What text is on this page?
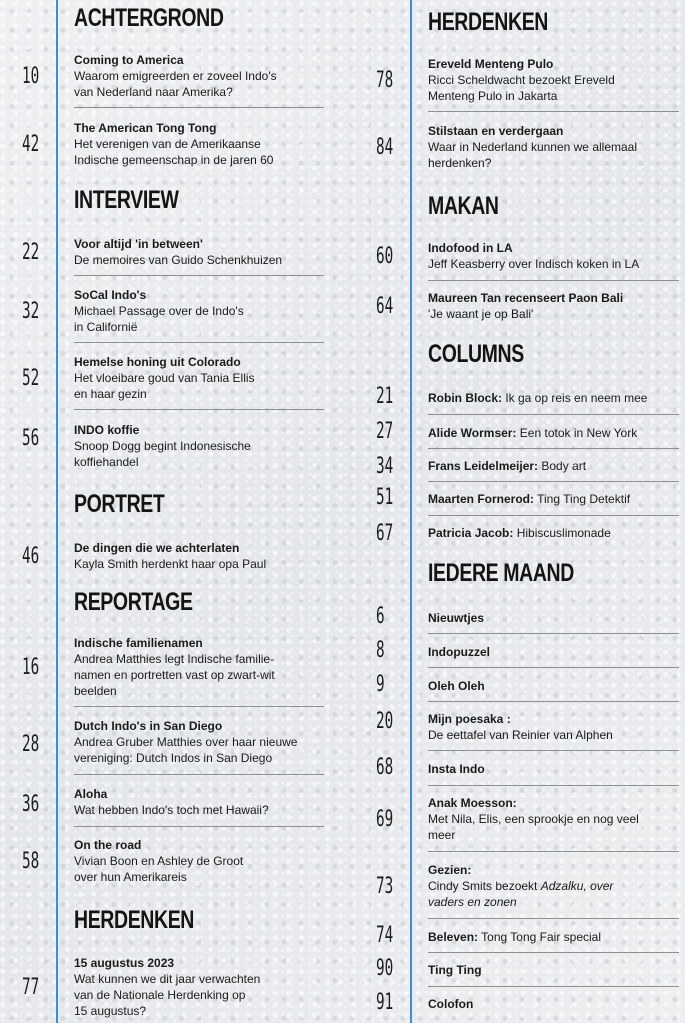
ACHTERGROND
10
Coming to America
Waarom emigreerden er zoveel Indo's
van Nederland naar Amerika?
42
The American Tong Tong
Het verenigen van de Amerikaanse
Indische gemeenschap in de jaren 60
INTERVIEW
22	Voor altijd 'in between'
De memoires van Guido Schenkhuizen
32
SoCal Indo's
Michael Passage over de Indo's
in Californië
52
Hemelse honing uit Colorado
Het vloeibare goud van Tania Ellis
en haar gezin
56	INDO koffie
Snoop Dogg begint Indonesische
koffiehandel
PORTRET
46	De dingen die we achterlaten
Kayla Smith herdenkt haar opa Paul
REPORTAGE
16
Indische familienamen
Andrea Matthies legt Indische familie-
namen en portretten vast op zwart-wit
beelden
28
Dutch Indo's in San Diego
Andrea Gruber Matthies over haar nieuwe
vereniging: Dutch Indos in San Diego
36	Aloha
Wat hebben Indo's toch met Hawaii?
58
On the road
Vivian Boon en Ashley de Groot
over hun Amerikareis
HERDENKEN
77
15 augustus 2023
Wat kunnen we dit jaar verwachten
van de Nationale Herdenking op
15 augustus?
HERDENKEN
78
Ereveld Menteng Pulo
Ricci Scheldwacht bezoekt Ereveld
Menteng Pulo in Jakarta
84
Stilstaan en verdergaan
Waar in Nederland kunnen we allemaal
herdenken?
MAKAN
60	Indofood in LA
Jeff Keasberry over Indisch koken in LA
64	Maureen Tan recenseert Paon Bali
'Je waant je op Bali'
COLUMNS
21	Robin Block: Ik ga op reis en neem mee
27	Alide Wormser: Een totok in New York
34	Frans Leidelmeijer: Body art
51	Maarten Fornerod: Ting Ting Detektif
67	Patricia Jacob: Hibiscuslimonade
IEDERE MAAND
6	Nieuwtjes
8	Indopuzzel
9	Oleh Oleh
20	Mijn poesaka :
De eettafel van Reinier van Alphen
68	Insta Indo
69
Anak Moesson:
Met Nila, Elis, een sprookje en nog veel
meer
73
Gezien:
Cindy Smits bezoekt Adzalku, over
vaders en zonen
74	Beleven: Tong Tong Fair special
90	Ting Ting
91	Colofon
